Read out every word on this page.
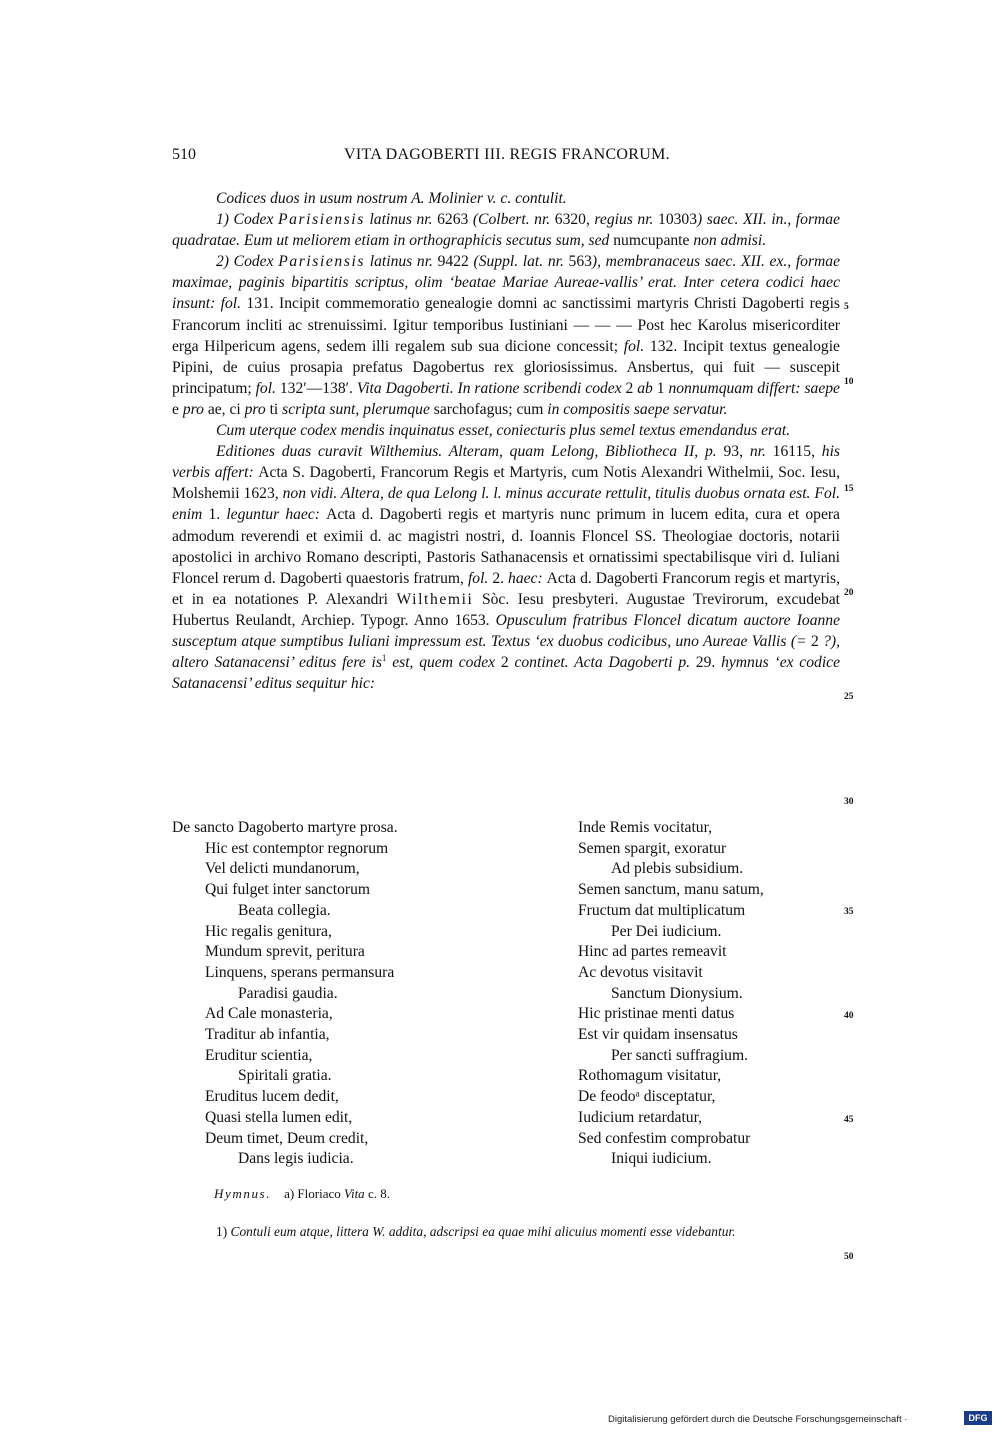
510	VITA DAGOBERTI III. REGIS FRANCORUM.

Codices duos in usum nostrum A. Molinier v. c. contulit.

1) Codex Parisiensis latinus nr. 6263 (Colbert. nr. 6320, regius nr. 10303) saec. XII. in., formae quadratae. Eum ut meliorem etiam in orthographicis secutus sum, sed numcupante non admisi.

2) Codex Parisiensis latinus nr. 9422 (Suppl. lat. nr. 563), membranaceus saec. XII. ex., formae maximae, paginis bipartitis scriptus, olim ‘beatae Mariae Aureae-vallis’ erat. Inter cetera codici haec insunt: fol. 131. Incipit commemoratio genealogie domni ac sanctissimi martyris Christi Dagoberti regis Francorum incliti ac strenuissimi. Igitur temporibus Iustiniani — — — Post hec Karolus misericorditer erga Hilpericum agens, sedem illi regalem sub sua dicione concessit; fol. 132. Incipit textus genealogie Pipini, de cuius prosapia prefatus Dagobertus rex gloriosissimus. Ansbertus, qui fuit — suscepit principatum; fol. 132′—138′. Vita Dagoberti. In ratione scribendi codex 2 ab 1 nonnumquam differt: saepe e pro ae, ci pro ti scripta sunt, plerumque sarchofagus; cum in compositis saepe servatur.

Cum uterque codex mendis inquinatus esset, coniecturis plus semel textus emendandus erat.

Editiones duas curavit Wilthemius. Alteram, quam Lelong, Bibliotheca II, p. 93, nr. 16115, his verbis affert: Acta S. Dagoberti, Francorum Regis et Martyris, cum Notis Alexandri Withelmii, Soc. Iesu, Molshemii 1623, non vidi. Altera, de qua Lelong l. l. minus accurate rettulit, titulis duobus ornata est. Fol. enim 1. leguntur haec: Acta d. Dagoberti regis et martyris nunc primum in lucem edita, cura et opera admodum reverendi et eximii d. ac magistri nostri, d. Ioannis Floncel SS. Theologiae doctoris, notarii apostolici in archivo Romano descripti, Pastoris Sathanacensis et ornatissimi spectabilisque viri d. Iuliani Floncel rerum d. Dagoberti quaestoris fratrum, fol. 2. haec: Acta d. Dagoberti Francorum regis et martyris, et in ea notationes P. Alexandri Wilthemii Sòc. Iesu presbyteri. Augustae Trevirorum, excudebat Hubertus Reulandt, Archiep. Typogr. Anno 1653. Opusculum fratribus Floncel dicatum auctore Ioanne susceptum atque sumptibus Iuliani impressum est. Textus ‘ex duobus codicibus, uno Aureae Vallis (= 2 ?), altero Satanacensi’ editus fere $is^1$ est, quem codex 2 continet. Acta Dagoberti p. 29. hymnus ‘ex codice Satanacensi’ editus sequitur hic:

5
10
15
20
25
30
35
40
45
50
De sancto Dagoberto martyre prosa.
Hic est contemptor regnorum
Vel delicti mundanorum,
Qui fulget inter sanctorum
Beata collegia.
Hic regalis genitura,
Mundum sprevit, peritura
Linquens, sperans permansura
Paradisi gaudia.
Ad Cale monasteria,
Traditur ab infantia,
Eruditur scientia,
Spiritali gratia.
Eruditus lucem dedit,
Quasi stella lumen edit,
Deum timet, Deum credit,
Dans legis iudicia.
Inde Remis vocitatur,
Semen spargit, exoratur
Ad plebis subsidium.
Semen sanctum, manu satum,
Fructum dat multiplicatum
Per Dei iudicium.
Hinc ad partes remeavit
Ac devotus visitavit
Sanctum Dionysium.
Hic pristinae menti datus
Est vir quidam insensatus
Per sancti suffragium.
Rothomagum visitatur,
De feodoᵃ disceptatur,
Iudicium retardatur,
Sed confestim comprobatur
Iniqui iudicium.
Hymnus. a) Floriaco Vita c. 8.

1) Contuli eum atque, littera W. addita, adscripsi ea quae mihi alicuius momenti esse videbantur.

Digitalisierung gefördert durch die Deutsche Forschungsgemeinschaft ·	DFG
